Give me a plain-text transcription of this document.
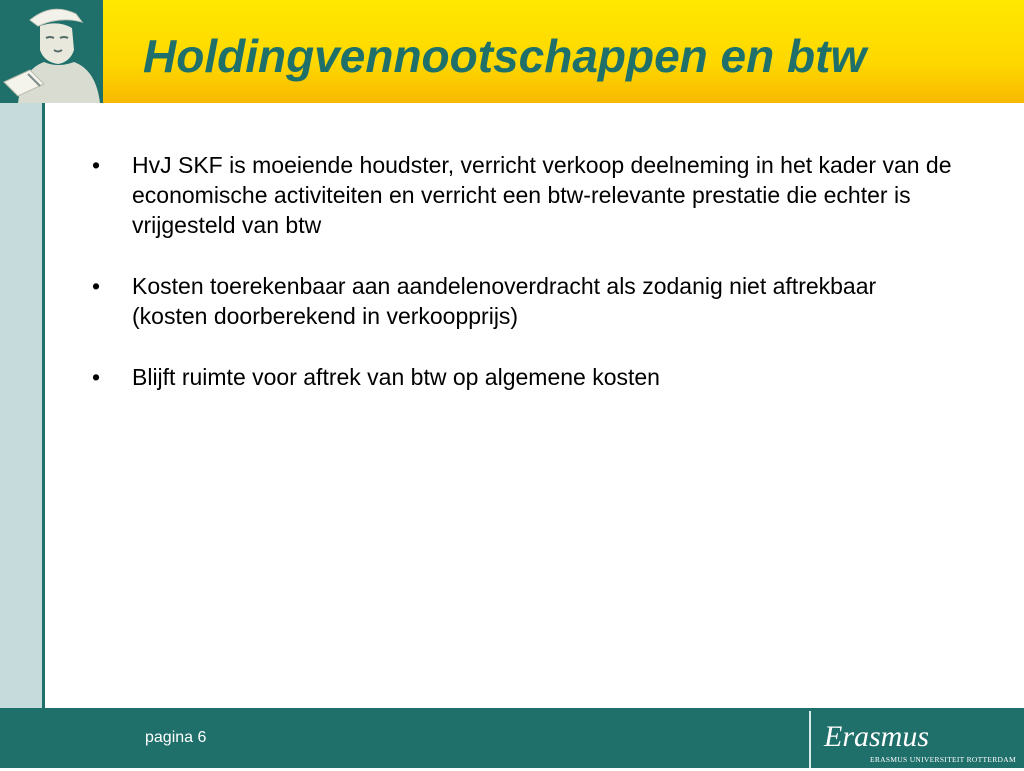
Holdingvennootschappen en btw
• HvJ SKF is moeiende houdster, verricht verkoop deelneming in het kader van de economische activiteiten en verricht een btw-relevante prestatie die echter is vrijgesteld van btw
• Kosten toerekenbaar aan aandelenoverdracht als zodanig niet aftrekbaar (kosten doorberekend in verkoopprijs)
• Blijft ruimte voor aftrek van btw op algemene kosten
pagina 6	Erasmus
ERASMUS UNIVERSITEIT ROTTERDAM
